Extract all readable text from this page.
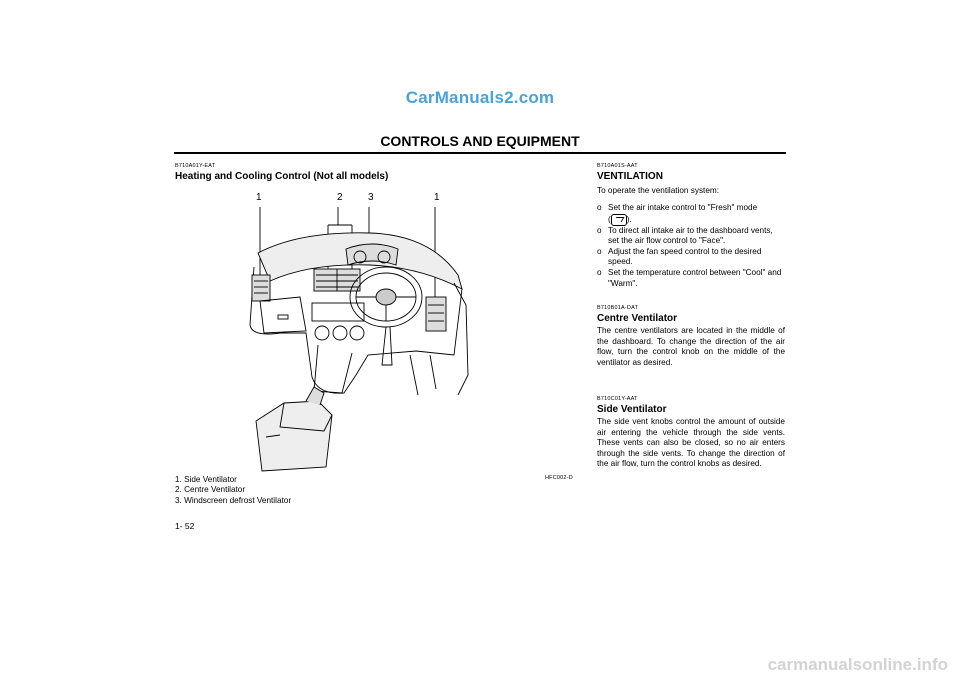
CarManuals2.com
CONTROLS AND EQUIPMENT
B710A01Y-EAT
Heating and Cooling Control (Not all models)
1	2	3	1
HFC002-D
1. Side Ventilator
2. Centre Ventilator
3. Windscreen defrost Ventilator
1- 52
B710A01S-AAT
VENTILATION
To operate the ventilation system:
o Set the air intake control to "Fresh" mode
( ).
o To direct all intake air to the dashboard vents, set the air flow control to "Face".
o Adjust the fan speed control to the desired speed.
o Set the temperature control between "Cool" and "Warm".
B710B01A-DAT
Centre Ventilator
The centre ventilators are located in the middle of the dashboard. To change the direction of the air flow, turn the control knob on the middle of the ventilator as desired.
B710C01Y-AAT
Side Ventilator
The side vent knobs control the amount of outside air entering the vehicle through the side vents. These vents can also be closed, so no air enters through the side vents. To change the direction of the air flow, turn the control knobs as desired.
carmanualsonline.info
